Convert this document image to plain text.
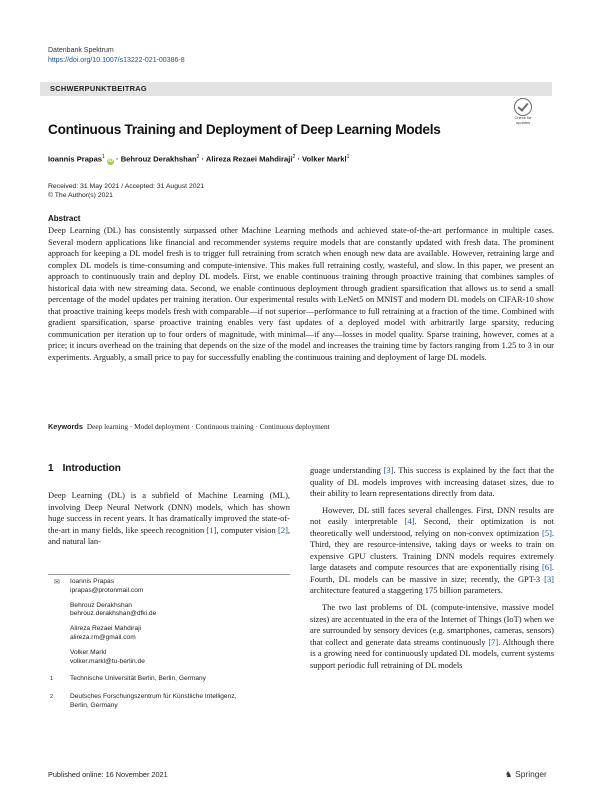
Datenbank Spektrum
https://doi.org/10.1007/s13222-021-00386-8
SCHWERPUNKTBEITRAG
Check for updates
Continuous Training and Deployment of Deep Learning Models
Ioannis Prapas$^1$ iD · Behrouz Derakhshan$^2$ · Alireza Rezaei Mahdiraji$^2$ · Volker Markl$^1$
Received: 31 May 2021 / Accepted: 31 August 2021
© The Author(s) 2021
Abstract
Deep Learning (DL) has consistently surpassed other Machine Learning methods and achieved state-of-the-art performance in multiple cases. Several modern applications like financial and recommender systems require models that are constantly updated with fresh data. The prominent approach for keeping a DL model fresh is to trigger full retraining from scratch when enough new data are available. However, retraining large and complex DL models is time-consuming and compute-intensive. This makes full retraining costly, wasteful, and slow. In this paper, we present an approach to continuously train and deploy DL models. First, we enable continuous training through proactive training that combines samples of historical data with new streaming data. Second, we enable continuous deployment through gradient sparsification that allows us to send a small percentage of the model updates per training iteration. Our experimental results with LeNet5 on MNIST and modern DL models on CIFAR-10 show that proactive training keeps models fresh with comparable—if not superior—performance to full retraining at a fraction of the time. Combined with gradient sparsification, sparse proactive training enables very fast updates of a deployed model with arbitrarily large sparsity, reducing communication per iteration up to four orders of magnitude, with minimal—if any—losses in model quality. Sparse training, however, comes at a price; it incurs overhead on the training that depends on the size of the model and increases the training time by factors ranging from 1.25 to 3 in our experiments. Arguably, a small price to pay for successfully enabling the continuous training and deployment of large DL models.
Keywords Deep learning · Model deployment · Continuous training · Continuous deployment
1 Introduction

Deep Learning (DL) is a subfield of Machine Learning (ML), involving Deep Neural Network (DNN) models, which has shown huge success in recent years. It has dramatically improved the state-of-the-art in many fields, like speech recognition [1], computer vision [2], and natural lan-

✉ Ioannis Prapas
iprapas@protonmail.com
Behrouz Derakhshan
behrouz.derakhshan@dfki.de
Alireza Rezaei Mahdiraji
alireza.rm@gmail.com
Volker Markl
volker.markl@tu-berlin.de
1	Technische Universität Berlin, Berlin, Germany
2	Deutsches Forschungszentrum für Künstliche Intelligenz, Berlin, Germany

guage understanding [3]. This success is explained by the fact that the quality of DL models improves with increasing dataset sizes, due to their ability to learn representations directly from data.

However, DL still faces several challenges. First, DNN results are not easily interpretable [4]. Second, their optimization is not theoretically well understood, relying on non-convex optimization [5]. Third, they are resource-intensive, taking days or weeks to train on expensive GPU clusters. Training DNN models requires extremely large datasets and compute resources that are exponentially rising [6]. Fourth, DL models can be massive in size; recently, the GPT-3 [3] architecture featured a staggering 175 billion parameters.

The two last problems of DL (compute-intensive, massive model sizes) are accentuated in the era of the Internet of Things (IoT) when we are surrounded by sensory devices (e.g. smartphones, cameras, sensors) that collect and generate data streams continuously [7]. Although there is a growing need for continuously updated DL models, current systems support periodic full retraining of DL models

Published online: 16 November 2021	♞ Springer
